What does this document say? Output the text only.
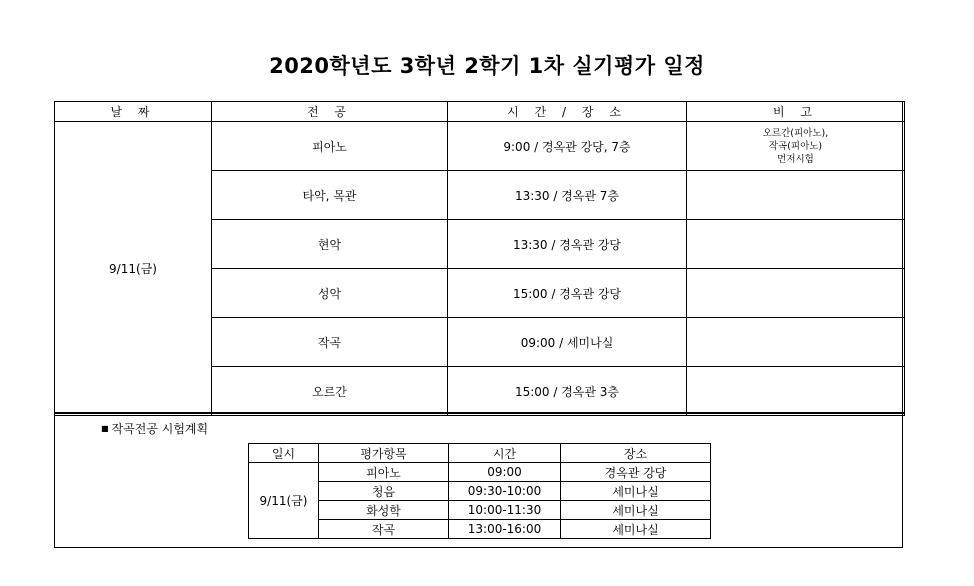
2020학년도 3학년 2학기 1차 실기평가 일정
날 짜	전 공	시 간 / 장 소	비 고
9/11(금)	피아노	9:00 / 경옥관 강당, 7층	오르간(피아노),
작곡(피아노)
먼저시험

	타악, 목관	13:30 / 경옥관 7층	
	현악	13:30 / 경옥관 강당	
	성악	15:00 / 경옥관 강당	
	작곡	09:00 / 세미나실	
	오르간	15:00 / 경옥관 3층	
■ 작곡전공 시험계획
일시	평가항목	시간	장소
9/11(금)	피아노	09:00	경옥관 강당
	청음	09:30-10:00	세미나실
	화성학	10:00-11:30	세미나실
	작곡	13:00-16:00	세미나실
